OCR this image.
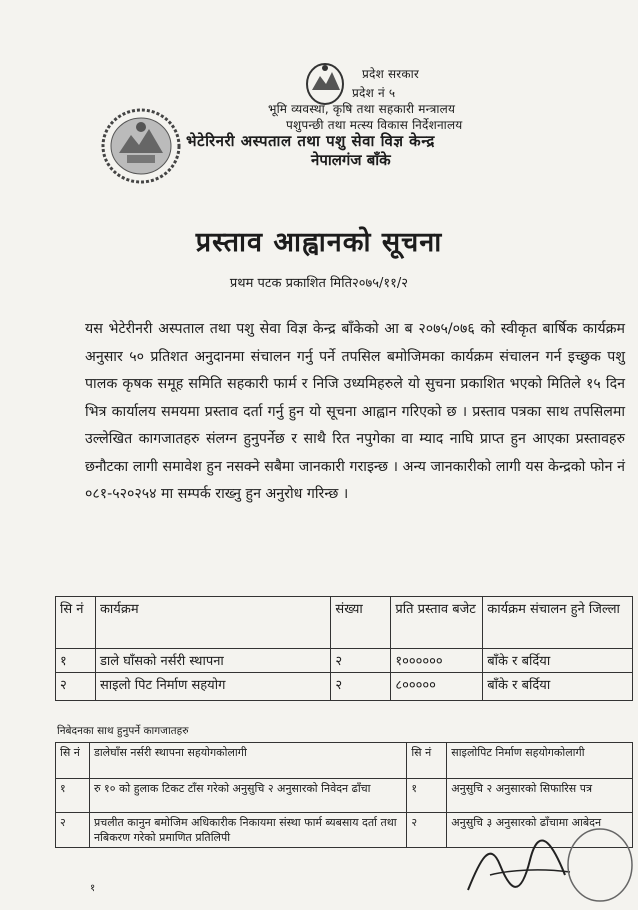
प्रदेश सरकार
प्रदेश नं ५
भूमि व्यवस्था, कृषि तथा सहकारी मन्त्रालय
पशुपन्छी तथा मत्स्य विकास निर्देशनालय
भेटेरिनरी अस्पताल तथा पशु सेवा विज्ञ केन्द्र
नेपालगंज बाँके
प्रस्ताव आह्वानको सूचना
प्रथम पटक प्रकाशित मिति२०७५/११/२
यस भेटेरीनरी अस्पताल तथा पशु सेवा विज्ञ केन्द्र बाँकेको आ ब २०७५/०७६ को स्वीकृत बार्षिक कार्यक्रम अनुसार ५० प्रतिशत अनुदानमा संचालन गर्नु पर्ने तपसिल बमोजिमका कार्यक्रम संचालन गर्न इच्छुक पशु पालक कृषक समूह समिति सहकारी फार्म र निजि उध्यमिहरुले यो सुचना प्रकाशित भएको मितिले १५ दिन भित्र कार्यालय समयमा प्रस्ताव दर्ता गर्नु हुन यो सूचना आह्वान गरिएको छ । प्रस्ताव पत्रका साथ तपसिलमा उल्लेखित कागजातहरु संलग्न हुनुपर्नेछ र साथै रित नपुगेका वा म्याद नाघि प्राप्त हुन आएका प्रस्तावहरु छनौटका लागी समावेश हुन नसक्ने सबैमा जानकारी गराइन्छ । अन्य जानकारीको लागी यस केन्द्रको फोन नं ०८१-५२०२५४ मा सम्पर्क राख्नु हुन अनुरोध गरिन्छ ।
सि नं	कार्यक्रम	संख्या	प्रति प्रस्ताव बजेट	कार्यक्रम संचालन हुने जिल्ला
१	डाले घाँसको नर्सरी स्थापना	२	१००००००	बाँके र बर्दिया
२	साइलो पिट निर्माण सहयोग	२	८०००००	बाँके र बर्दिया
निबेदनका साथ हुनुपर्ने कागजातहरु
सि नं	डालेघाँस नर्सरी स्थापना सहयोगकोलागी	सि नं	साइलोपिट निर्माण सहयोगकोलागी
१	रु १० को हुलाक टिकट टाँस गरेको अनुसुचि २ अनुसारको निवेदन ढाँचा	१	अनुसुचि २ अनुसारको सिफारिस पत्र
२	प्रचलीत कानुन बमोजिम अधिकारीक निकायमा संस्था फार्म ब्यबसाय दर्ता तथा नबिकरण गरेको प्रमाणित प्रतिलिपी	२	अनुसुचि ३ अनुसारको ढाँचामा आबेदन
१
